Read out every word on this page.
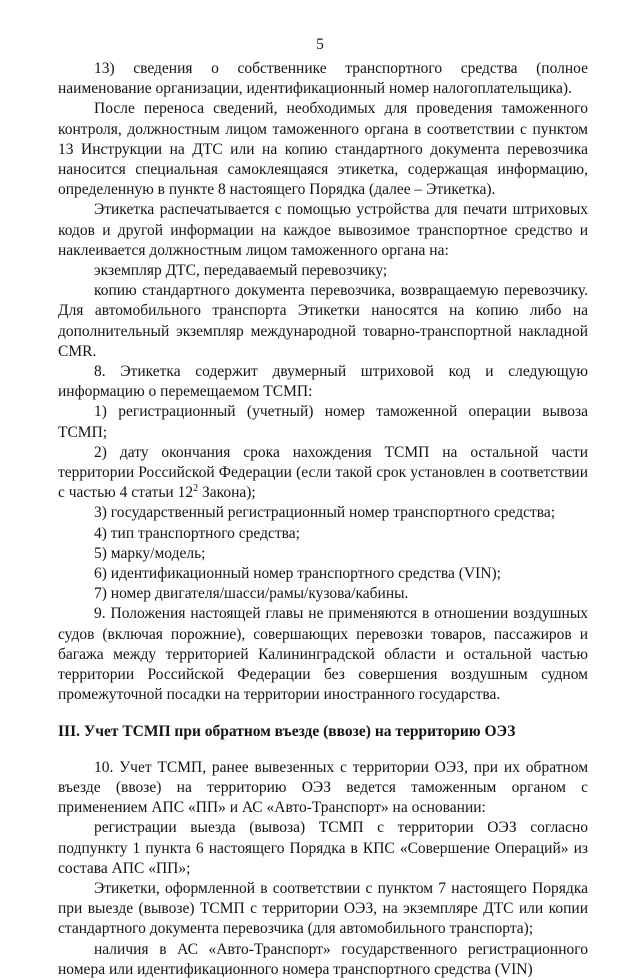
5

13) сведения о собственнике транспортного средства (полное наименование организации, идентификационный номер налогоплательщика).

После переноса сведений, необходимых для проведения таможенного контроля, должностным лицом таможенного органа в соответствии с пунктом 13 Инструкции на ДТС или на копию стандартного документа перевозчика наносится специальная самоклеящаяся этикетка, содержащая информацию, определенную в пункте 8 настоящего Порядка (далее – Этикетка).

Этикетка распечатывается с помощью устройства для печати штриховых кодов и другой информации на каждое вывозимое транспортное средство и наклеивается должностным лицом таможенного органа на:

экземпляр ДТС, передаваемый перевозчику;

копию стандартного документа перевозчика, возвращаемую перевозчику. Для автомобильного транспорта Этикетки наносятся на копию либо на дополнительный экземпляр международной товарно-транспортной накладной CMR.

8. Этикетка содержит двумерный штриховой код и следующую информацию о перемещаемом ТСМП:

1) регистрационный (учетный) номер таможенной операции вывоза ТСМП;

2) дату окончания срока нахождения ТСМП на остальной части территории Российской Федерации (если такой срок установлен в соответствии с частью 4 статьи $12^2$ Закона);

3) государственный регистрационный номер транспортного средства;

4) тип транспортного средства;

5) марку/модель;

6) идентификационный номер транспортного средства (VIN);

7) номер двигателя/шасси/рамы/кузова/кабины.

9. Положения настоящей главы не применяются в отношении воздушных судов (включая порожние), совершающих перевозки товаров, пассажиров и багажа между территорией Калининградской области и остальной частью территории Российской Федерации без совершения воздушным судном промежуточной посадки на территории иностранного государства.

III. Учет ТСМП при обратном въезде (ввозе) на территорию ОЭЗ

10. Учет ТСМП, ранее вывезенных с территории ОЭЗ, при их обратном въезде (ввозе) на территорию ОЭЗ ведется таможенным органом с применением АПС «ПП» и АС «Авто-Транспорт» на основании:

регистрации выезда (вывоза) ТСМП с территории ОЭЗ согласно подпункту 1 пункта 6 настоящего Порядка в КПС «Совершение Операций» из состава АПС «ПП»;

Этикетки, оформленной в соответствии с пунктом 7 настоящего Порядка при выезде (вывозе) ТСМП с территории ОЭЗ, на экземпляре ДТС или копии стандартного документа перевозчика (для автомобильного транспорта);

наличия в АС «Авто-Транспорт» государственного регистрационного номера или идентификационного номера транспортного средства (VIN)
